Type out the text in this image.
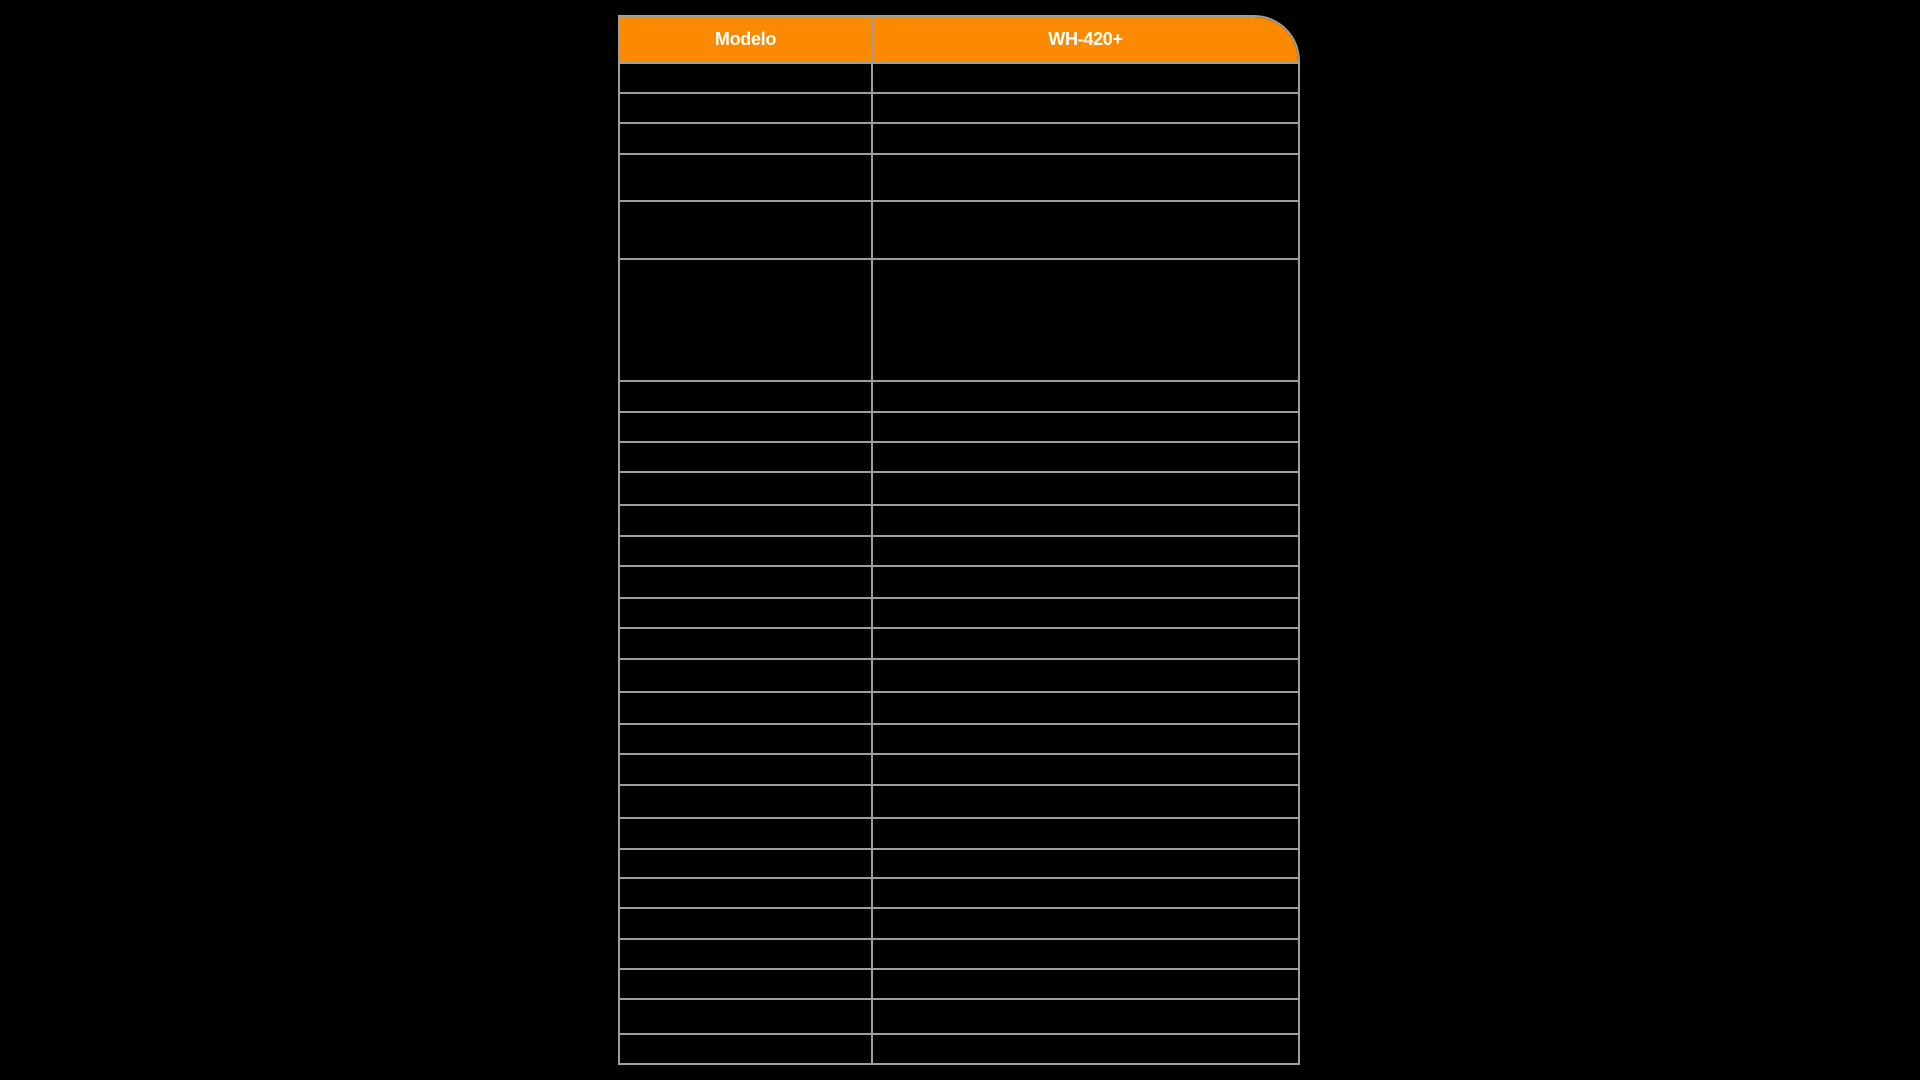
Modelo	WH-420+
